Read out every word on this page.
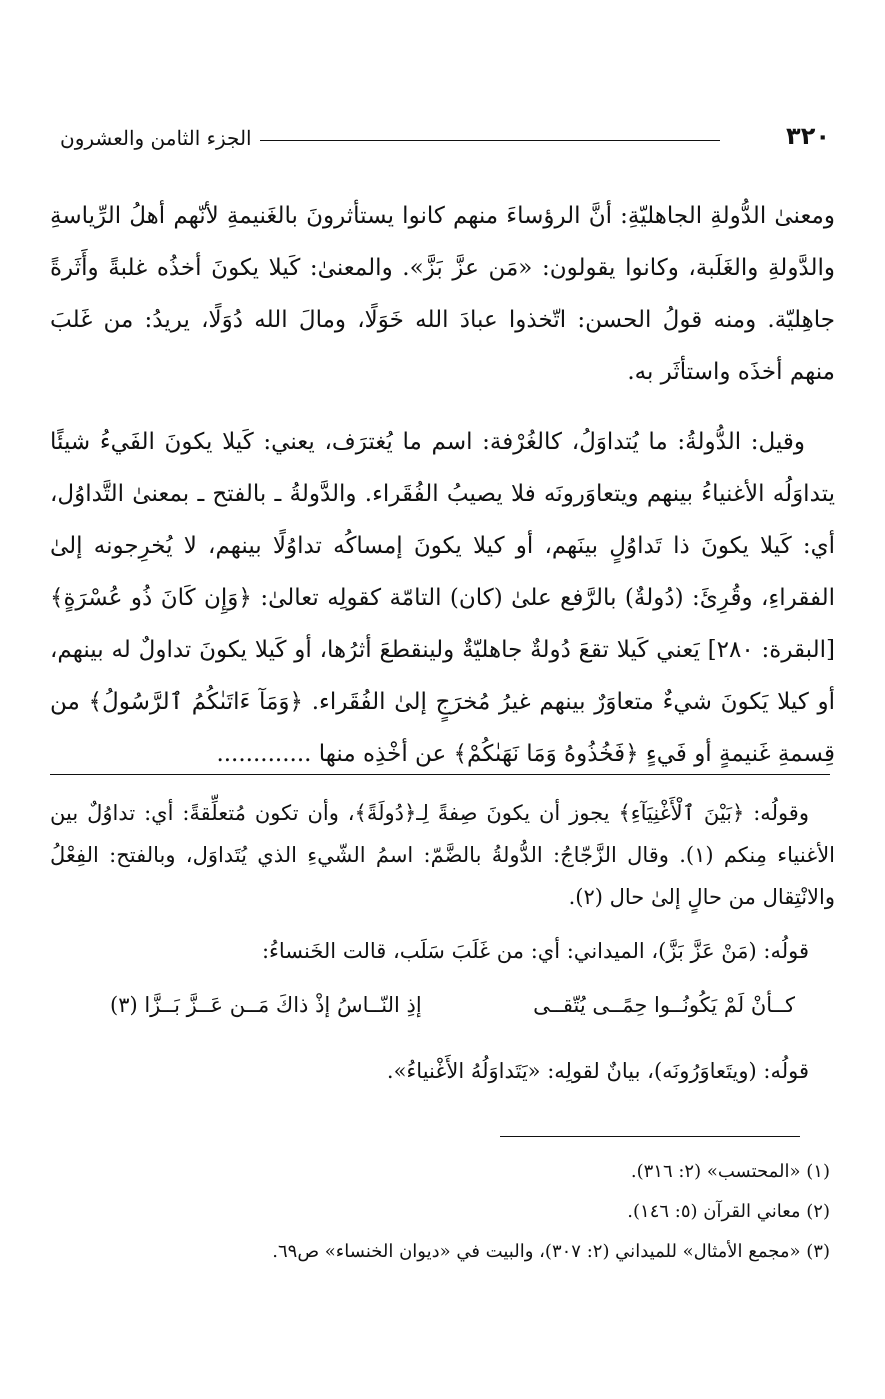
٣٢٠
الجزء الثامن والعشرون

ومعنىٰ الدُّولةِ الجاهليّةِ: أنَّ الرؤساءَ منهم كانوا يستأثرونَ بالغَنيمةِ لأنّهم أهلُ الرِّياسةِ والدَّولةِ والغَلَبة، وكانوا يقولون: «مَن عزَّ بَزَّ». والمعنىٰ: كَيلا يكونَ أخذُه غلبةً وأَثَرةً جاهِليّة. ومنه قولُ الحسن: اتّخذوا عبادَ الله خَوَلًا، ومالَ الله دُوَلًا، يريدُ: من غَلبَ منهم أخذَه واستأثَر به.

وقيل: الدُّولةُ: ما يُتداوَلُ، كالغُرْفة: اسم ما يُغترَف، يعني: كَيلا يكونَ الفَيءُ شيئًا يتداوَلُه الأغنياءُ بينهم ويتعاوَرونَه فلا يصيبُ الفُقَراء. والدَّولةُ ـ بالفتح ـ بمعنىٰ التَّداوُل، أي: كَيلا يكونَ ذا تَداوُلٍ بينَهم، أو كيلا يكونَ إمساكُه تداوُلًا بينهم، لا يُخرِجونه إلىٰ الفقراءِ، وقُرِئَ: (دُولةٌ) بالرَّفع علىٰ (كان) التامّة كقولِه تعالىٰ: ﴿وَإِن كَانَ ذُو عُسْرَةٍ﴾ [البقرة: ٢٨٠] يَعني كَيلا تقعَ دُولةٌ جاهليّةٌ ولينقطعَ أثرُها، أو كَيلا يكونَ تداولٌ له بينهم، أو كيلا يَكونَ شيءٌ متعاوَرٌ بينهم غيرُ مُخرَجٍ إلىٰ الفُقَراء. ﴿وَمَآ ءَاتَىٰكُمُ ٱلرَّسُولُ﴾ من قِسمةِ غَنيمةٍ أو فَيءٍ ﴿فَخُذُوهُ وَمَا نَهَىٰكُمْ﴾ عن أخْذِه منها .............

وقولُه: ﴿بَيْنَ ٱلْأَغْنِيَآءِ﴾ يجوز أن يكونَ صِفةً لِـ﴿دُولَةً﴾، وأن تكون مُتعلِّقةً: أي: تداوُلٌ بين الأغنياء مِنكم (١). وقال الزَّجّاجُ: الدُّولةُ بالضَّمّ: اسمُ الشّيءِ الذي يُتَداوَل، وبالفتح: الفِعْلُ والانْتِقال من حالٍ إلىٰ حال (٢).

قولُه: (مَنْ عَزَّ بَزَّ)، الميداني: أي: من غَلَبَ سَلَب، قالت الخَنساءُ:

كــأنْ لَمْ يَكُونُــوا حِمًــى يُتّقــى
إذِ النّــاسُ إذْ ذاكَ مَــن عَــزَّ بَــزَّا (٣)

قولُه: (ويتَعاوَرُونَه)، بيانٌ لقولِه: «يَتَداوَلُهُ الأَغْنياءُ».

(١) «المحتسب» (٢: ٣١٦).
(٢) معاني القرآن (٥: ١٤٦).
(٣) «مجمع الأمثال» للميداني (٢: ٣٠٧)، والبيت في «ديوان الخنساء» ص٦٩.
